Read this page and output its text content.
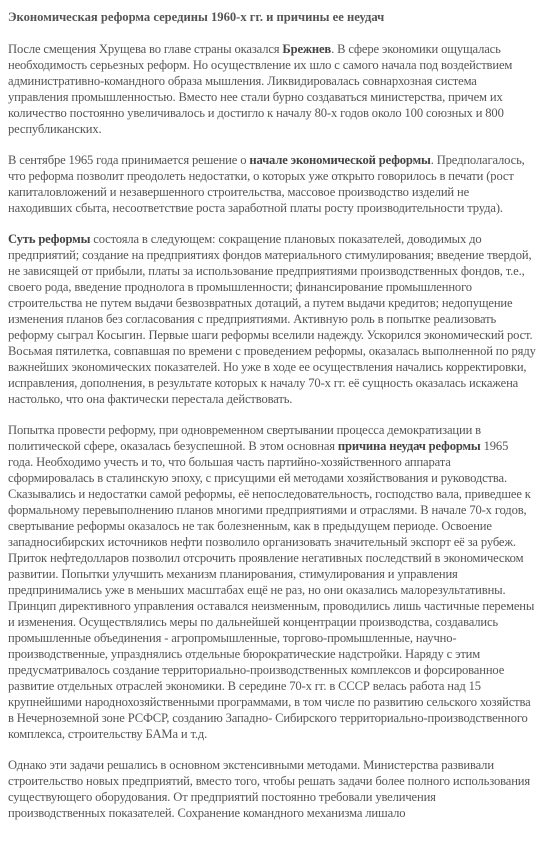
Экономическая реформа середины 1960-х гг. и причины ее неудач

После смещения Хрущева во главе страны оказался Брежнев. В сфере экономики ощущалась необходимость серьезных реформ. Но осуществление их шло с самого начала под воздействием административно-командного образа мышления. Ликвидировалась совнархозная система управления промышленностью. Вместо нее стали бурно создаваться министерства, причем их количество постоянно увеличивалось и достигло к началу 80-х годов около 100 союзных и 800 республиканских.

В сентябре 1965 года принимается решение о начале экономической реформы. Предполагалось, что реформа позволит преодолеть недостатки, о которых уже открыто говорилось в печати (рост капиталовложений и незавершенного строительства, массовое производство изделий не находивших сбыта, несоответствие роста заработной платы росту производительности труда).

Суть реформы состояла в следующем: сокращение плановых показателей, доводимых до предприятий; создание на предприятиях фондов материального стимулирования; введение твердой, не зависящей от прибыли, платы за использование предприятиями производственных фондов, т.е., своего рода, введение проднолога в промышленности; финансирование промышленного строительства не путем выдачи безвозвратных дотаций, а путем выдачи кредитов; недопущение изменения планов без согласования с предприятиями. Активную роль в попытке реализовать реформу сыграл Косыгин. Первые шаги реформы вселили надежду. Ускорился экономический рост. Восьмая пятилетка, совпавшая по времени с проведением реформы, оказалась выполненной по ряду важнейших экономических показателей. Но уже в ходе ее осуществления начались корректировки, исправления, дополнения, в результате которых к началу 70-х гг. её сущность оказалась искажена настолько, что она фактически перестала действовать.

Попытка провести реформу, при одновременном свертывании процесса демократизации в политической сфере, оказалась безуспешной. В этом основная причина неудач реформы 1965 года. Необходимо учесть и то, что большая часть партийно-хозяйственного аппарата сформировалась в сталинскую эпоху, с присущими ей методами хозяйствования и руководства. Сказывались и недостатки самой реформы, её непоследовательность, господство вала, приведшее к формальному перевыполнению планов многими предприятиями и отраслями. В начале 70-х годов, свертывание реформы оказалось не так болезненным, как в предыдущем периоде. Освоение западносибирских источников нефти позволило организовать значительный экспорт её за рубеж. Приток нефтедолларов позволил отсрочить проявление негативных последствий в экономическом развитии. Попытки улучшить механизм планирования, стимулирования и управления предпринимались уже в меньших масштабах ещё не раз, но они оказались малорезультативны. Принцип директивного управления оставался неизменным, проводились лишь частичные перемены и изменения. Осуществлялись меры по дальнейшей концентрации производства, создавались промышленные объединения - агропромышленные, торгово-промышленные, научно-производственные, упразднялись отдельные бюрократические надстройки. Наряду с этим предусматривалось создание территориально-производственных комплексов и форсированное развитие отдельных отраслей экономики. В середине 70-х гг. в СССР велась работа над 15 крупнейшими народнохозяйственными программами, в том числе по развитию сельского хозяйства в Нечерноземной зоне РСФСР, созданию Западно- Сибирского территориально-производственного комплекса, строительству БАМа и т.д.

Однако эти задачи решались в основном экстенсивными методами. Министерства развивали строительство новых предприятий, вместо того, чтобы решать задачи более полного использования существующего оборудования. От предприятий постоянно требовали увеличения производственных показателей. Сохранение командного механизма лишало
